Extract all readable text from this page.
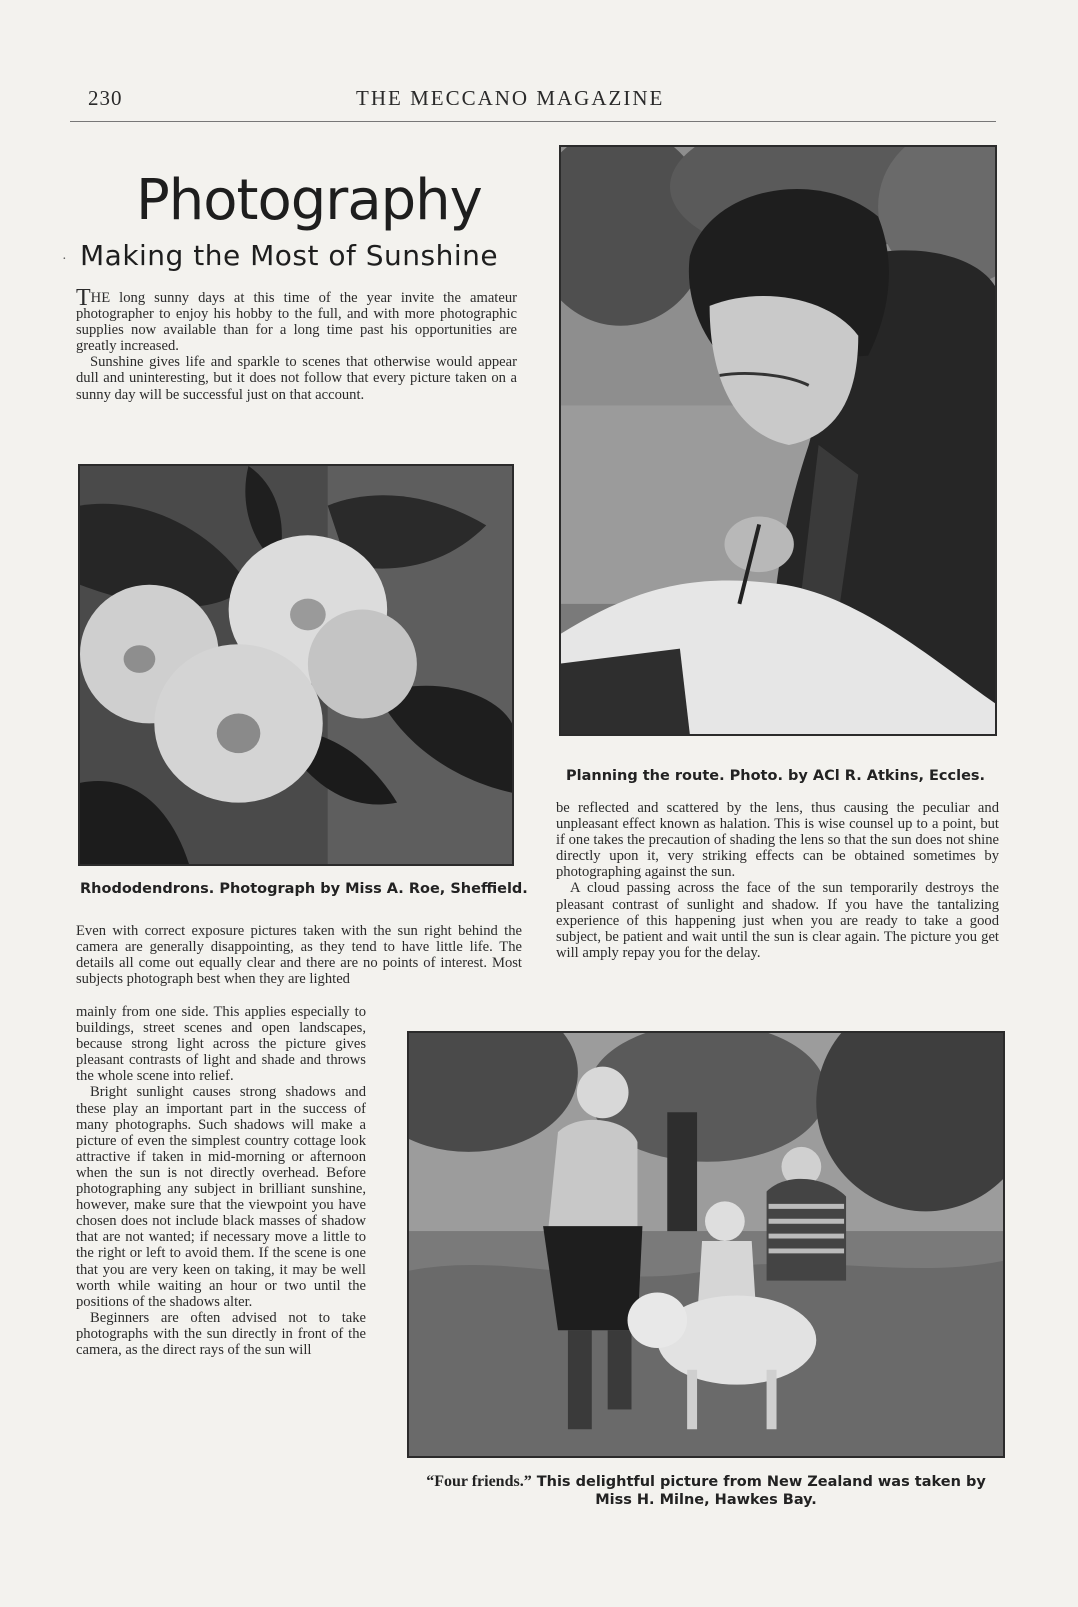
230	THE MECCANO MAGAZINE
Photography
· Making the Most of Sunshine

THE long sunny days at this time of the year invite the amateur photographer to enjoy his hobby to the full, and with more photographic supplies now available than for a long time past his opportunities are greatly increased.

Sunshine gives life and sparkle to scenes that otherwise would appear dull and uninteresting, but it does not follow that every picture taken on a sunny day will be successful just on that account.

Rhododendrons. Photograph by Miss A. Roe, Sheffield.
Planning the route. Photo. by ACl R. Atkins, Eccles.

Even with correct exposure pictures taken with the sun right behind the camera are generally disappointing, as they tend to have little life. The details all come out equally clear and there are no points of interest. Most subjects photograph best when they are lighted

mainly from one side. This applies especially to buildings, street scenes and open landscapes, because strong light across the picture gives pleasant contrasts of light and shade and throws the whole scene into relief.

Bright sunlight causes strong shadows and these play an important part in the success of many photographs. Such shadows will make a picture of even the simplest country cottage look attractive if taken in mid-morning or afternoon when the sun is not directly overhead. Before photographing any subject in brilliant sunshine, however, make sure that the viewpoint you have chosen does not include black masses of shadow that are not wanted; if necessary move a little to the right or left to avoid them. If the scene is one that you are very keen on taking, it may be well worth while waiting an hour or two until the positions of the shadows alter.

Beginners are often advised not to take photographs with the sun directly in front of the camera, as the direct rays of the sun will

be reflected and scattered by the lens, thus causing the peculiar and unpleasant effect known as halation. This is wise counsel up to a point, but if one takes the precaution of shading the lens so that the sun does not shine directly upon it, very striking effects can be obtained sometimes by photographing against the sun.

A cloud passing across the face of the sun temporarily destroys the pleasant contrast of sunlight and shadow. If you have the tantalizing experience of this happening just when you are ready to take a good subject, be patient and wait until the sun is clear again. The picture you get will amply repay you for the delay.

“Four friends.” This delightful picture from New Zealand was taken by
Miss H. Milne, Hawkes Bay.
